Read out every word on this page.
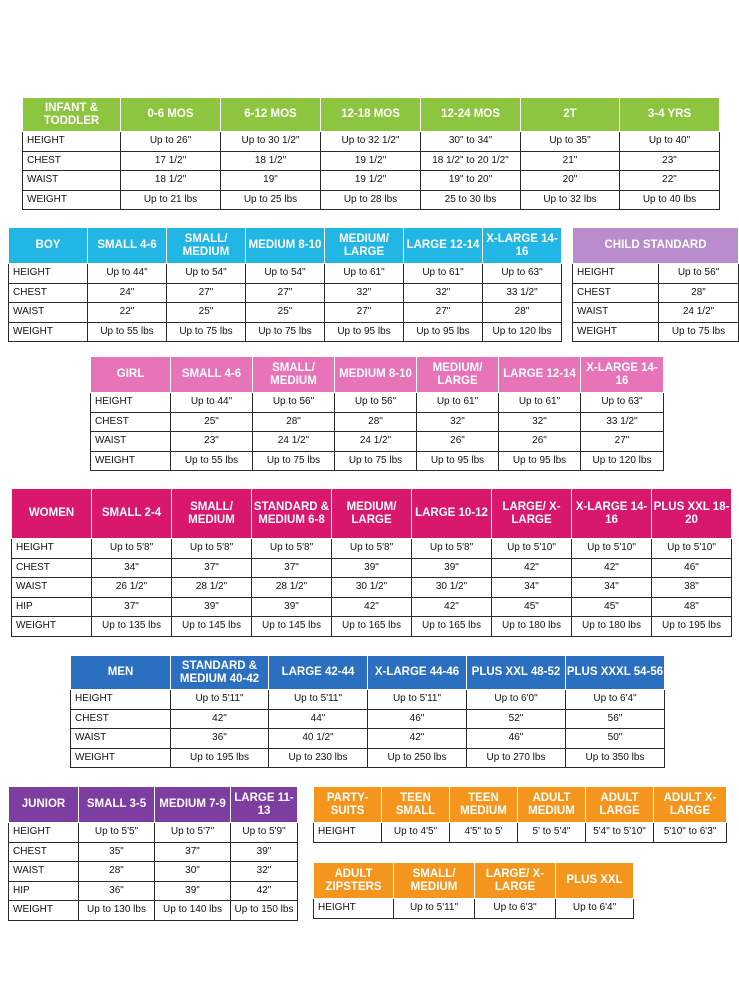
INFANT & TODDLER	0-6 MOS	6-12 MOS	12-18 MOS	12-24 MOS	2T	3-4 YRS
HEIGHT	Up to 26"	Up to 30 1/2"	Up to 32 1/2"	30" to 34"	Up to 35"	Up to 40"
CHEST	17 1/2"	18 1/2"	19 1/2"	18 1/2" to 20 1/2"	21"	23"
WAIST	18 1/2"	19"	19 1/2"	19" to 20"	20"	22"
WEIGHT	Up to 21 lbs	Up to 25 lbs	Up to 28 lbs	25 to 30 lbs	Up to 32 lbs	Up to 40 lbs
BOY	SMALL 4-6	SMALL/ MEDIUM	MEDIUM 8-10	MEDIUM/ LARGE	LARGE 12-14	X-LARGE 14-16
HEIGHT	Up to 44"	Up to 54"	Up to 54"	Up to 61"	Up to 61"	Up to 63"
CHEST	24"	27"	27"	32"	32"	33 1/2"
WAIST	22"	25"	25"	27"	27"	28"
WEIGHT	Up to 55 lbs	Up to 75 lbs	Up to 75 lbs	Up to 95 lbs	Up to 95 lbs	Up to 120 lbs
CHILD STANDARD	
HEIGHT	Up to 56"
CHEST	28"
WAIST	24 1/2"
WEIGHT	Up to 75 lbs
GIRL	SMALL 4-6	SMALL/ MEDIUM	MEDIUM 8-10	MEDIUM/ LARGE	LARGE 12-14	X-LARGE 14-16
HEIGHT	Up to 44"	Up to 56"	Up to 56"	Up to 61"	Up to 61"	Up to 63"
CHEST	25"	28"	28"	32"	32"	33 1/2"
WAIST	23"	24 1/2"	24 1/2"	26"	26"	27"
WEIGHT	Up to 55 lbs	Up to 75 lbs	Up to 75 lbs	Up to 95 lbs	Up to 95 lbs	Up to 120 lbs
WOMEN	SMALL 2-4	SMALL/ MEDIUM	STANDARD & MEDIUM 6-8	MEDIUM/ LARGE	LARGE 10-12	LARGE/ X-LARGE	X-LARGE 14-16	PLUS XXL 18-20
HEIGHT	Up to 5'8"	Up to 5'8"	Up to 5'8"	Up to 5'8"	Up to 5'8"	Up to 5'10"	Up to 5'10"	Up to 5'10"
CHEST	34"	37"	37"	39"	39"	42"	42"	46"
WAIST	26 1/2"	28 1/2"	28 1/2"	30 1/2"	30 1/2"	34"	34"	38"
HIP	37"	39"	39"	42"	42"	45"	45"	48"
WEIGHT	Up to 135 lbs	Up to 145 lbs	Up to 145 lbs	Up to 165 lbs	Up to 165 lbs	Up to 180 lbs	Up to 180 lbs	Up to 195 lbs
MEN	STANDARD & MEDIUM 40-42	LARGE 42-44	X-LARGE 44-46	PLUS XXL 48-52	PLUS XXXL 54-56
HEIGHT	Up to 5'11"	Up to 5'11"	Up to 5'11"	Up to 6'0"	Up to 6'4"
CHEST	42"	44"	46"	52"	56"
WAIST	36"	40 1/2"	42"	46"	50"
WEIGHT	Up to 195 lbs	Up to 230 lbs	Up to 250 lbs	Up to 270 lbs	Up to 350 lbs
JUNIOR	SMALL 3-5	MEDIUM 7-9	LARGE 11-13
HEIGHT	Up to 5'5"	Up to 5'7"	Up to 5'9"
CHEST	35"	37"	39"
WAIST	28"	30"	32"
HIP	36"	39"	42"
WEIGHT	Up to 130 lbs	Up to 140 lbs	Up to 150 lbs
PARTY-SUITS	TEEN SMALL	TEEN MEDIUM	ADULT MEDIUM	ADULT LARGE	ADULT X-LARGE
HEIGHT	Up to 4'5"	4'5" to 5'	5' to 5'4"	5'4" to 5'10"	5'10" to 6'3"
ADULT ZIPSTERS	SMALL/ MEDIUM	LARGE/ X-LARGE	PLUS XXL
HEIGHT	Up to 5'11"	Up to 6'3"	Up to 6'4"
